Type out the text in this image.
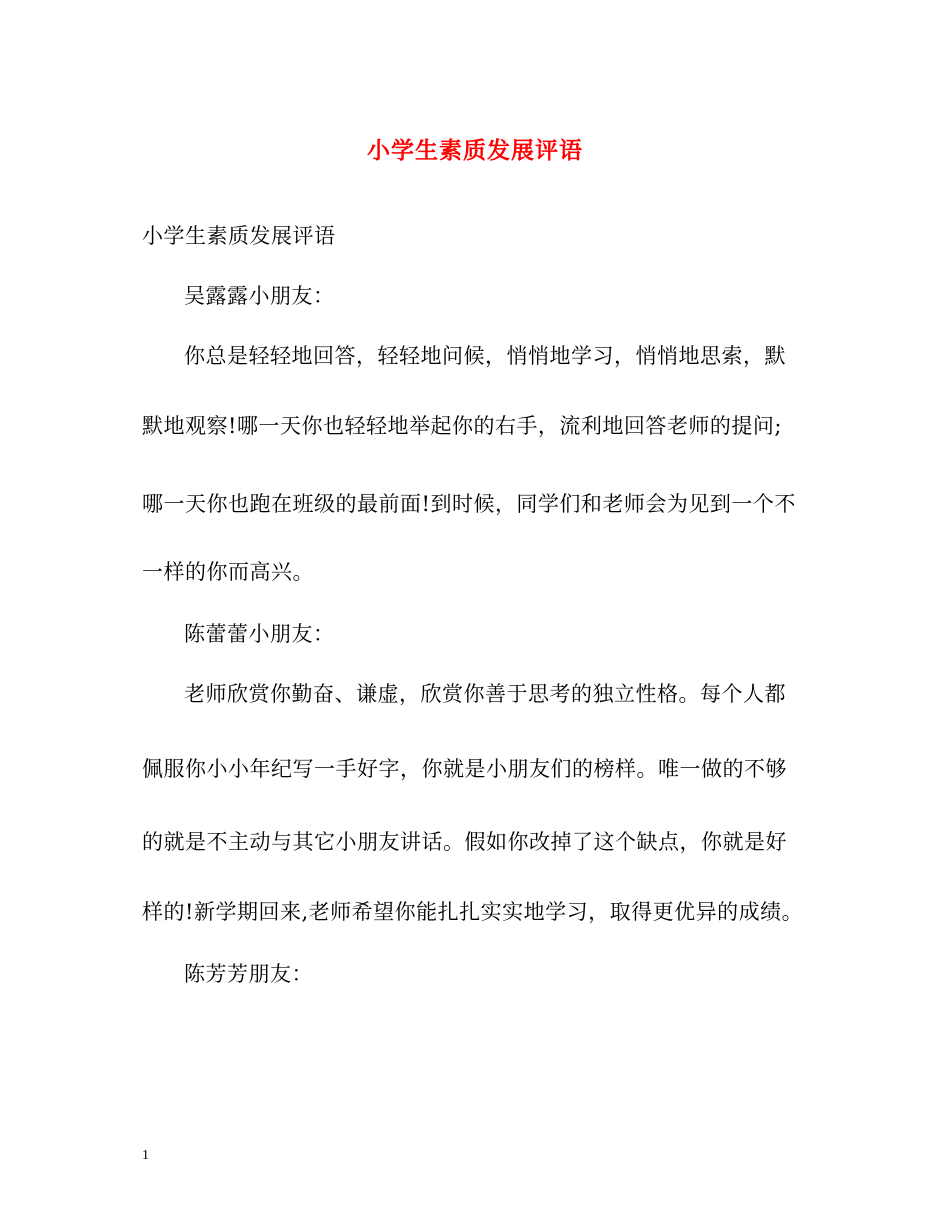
小学生素质发展评语
小学生素质发展评语
吴露露小朋友：
你总是轻轻地回答，轻轻地问候，悄悄地学习，悄悄地思索，默
默地观察!哪一天你也轻轻地举起你的右手，流利地回答老师的提问;
哪一天你也跑在班级的最前面!到时候，同学们和老师会为见到一个不
一样的你而高兴。
陈蕾蕾小朋友：
老师欣赏你勤奋、谦虚，欣赏你善于思考的独立性格。每个人都
佩服你小小年纪写一手好字，你就是小朋友们的榜样。唯一做的不够
的就是不主动与其它小朋友讲话。假如你改掉了这个缺点，你就是好
样的!新学期回来,老师希望你能扎扎实实地学习，取得更优异的成绩。
陈芳芳朋友：
1
